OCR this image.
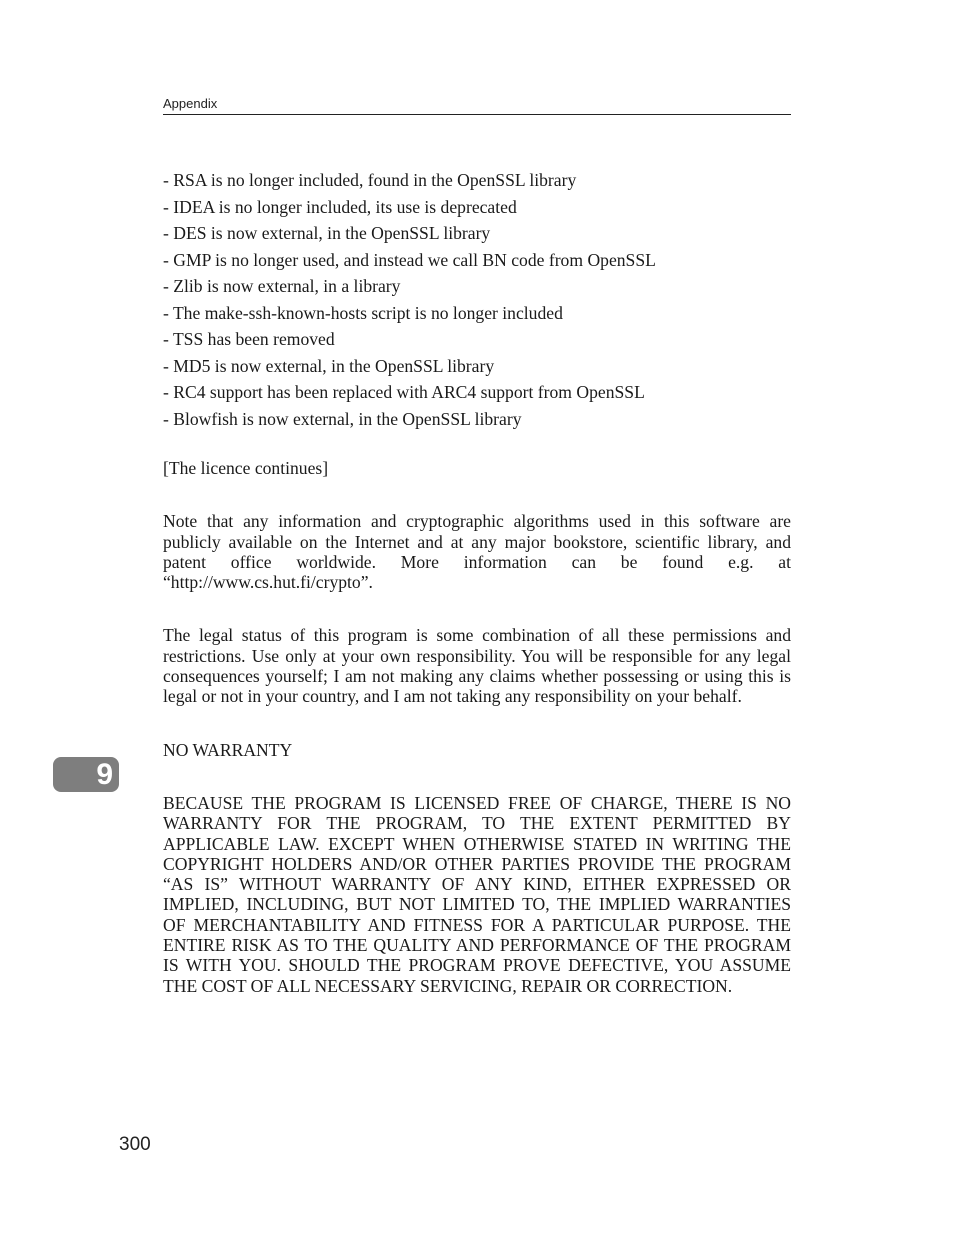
Appendix
- RSA is no longer included, found in the OpenSSL library
- IDEA is no longer included, its use is deprecated
- DES is now external, in the OpenSSL library
- GMP is no longer used, and instead we call BN code from OpenSSL
- Zlib is now external, in a library
- The make-ssh-known-hosts script is no longer included
- TSS has been removed
- MD5 is now external, in the OpenSSL library
- RC4 support has been replaced with ARC4 support from OpenSSL
- Blowfish is now external, in the OpenSSL library

[The licence continues]

Note that any information and cryptographic algorithms used in this software are publicly available on the Internet and at any major bookstore, scientific library, and patent office worldwide. More information can be found e.g. at “http://www.cs.hut.fi/crypto”.

The legal status of this program is some combination of all these permissions and restrictions. Use only at your own responsibility. You will be responsible for any legal consequences yourself; I am not making any claims whether possessing or using this is legal or not in your country, and I am not taking any responsibility on your behalf.

NO WARRANTY

BECAUSE THE PROGRAM IS LICENSED FREE OF CHARGE, THERE IS NO WARRANTY FOR THE PROGRAM, TO THE EXTENT PERMITTED BY APPLICABLE LAW. EXCEPT WHEN OTHERWISE STATED IN WRITING THE COPYRIGHT HOLDERS AND/OR OTHER PARTIES PROVIDE THE PROGRAM “AS IS” WITHOUT WARRANTY OF ANY KIND, EITHER EXPRESSED OR IMPLIED, INCLUDING, BUT NOT LIMITED TO, THE IMPLIED WARRANTIES OF MERCHANTABILITY AND FITNESS FOR A PARTICULAR PURPOSE. THE ENTIRE RISK AS TO THE QUALITY AND PERFORMANCE OF THE PROGRAM IS WITH YOU. SHOULD THE PROGRAM PROVE DEFECTIVE, YOU ASSUME THE COST OF ALL NECESSARY SERVICING, REPAIR OR CORRECTION.

9
300
